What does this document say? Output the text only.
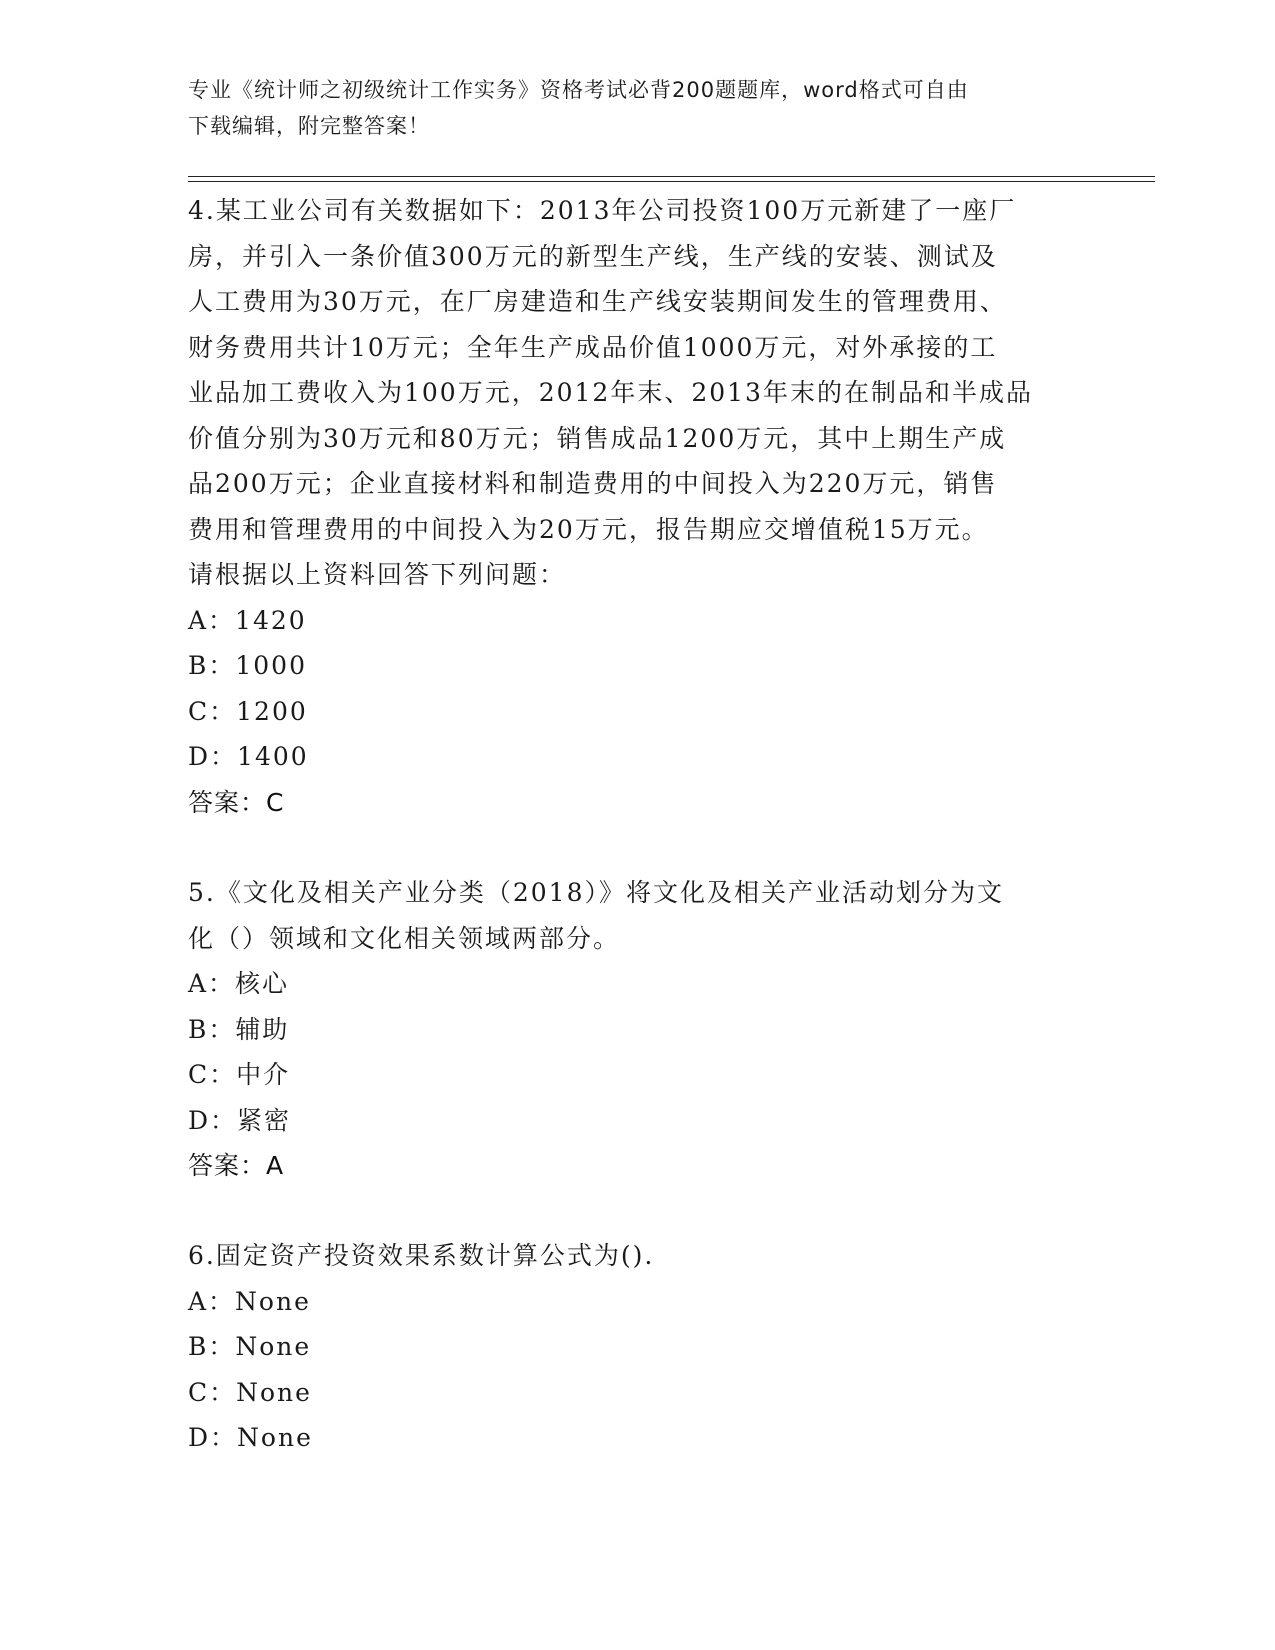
专业《统计师之初级统计工作实务》资格考试必背200题题库，word格式可自由
下载编辑，附完整答案！

4.某工业公司有关数据如下：2013年公司投资100万元新建了一座厂
房，并引入一条价值300万元的新型生产线，生产线的安装、测试及
人工费用为30万元，在厂房建造和生产线安装期间发生的管理费用、
财务费用共计10万元；全年生产成品价值1000万元，对外承接的工
业品加工费收入为100万元，2012年末、2013年末的在制品和半成品
价值分别为30万元和80万元；销售成品1200万元，其中上期生产成
品200万元；企业直接材料和制造费用的中间投入为220万元，销售
费用和管理费用的中间投入为20万元，报告期应交增值税15万元。
请根据以上资料回答下列问题：

A：1420

B：1000

C：1200

D：1400

答案：C

5.《文化及相关产业分类（2018）》将文化及相关产业活动划分为文
化（）领域和文化相关领域两部分。

A：核心

B：辅助

C：中介

D：紧密

答案：A

6.固定资产投资效果系数计算公式为().

A：None

B：None

C：None

D：None
